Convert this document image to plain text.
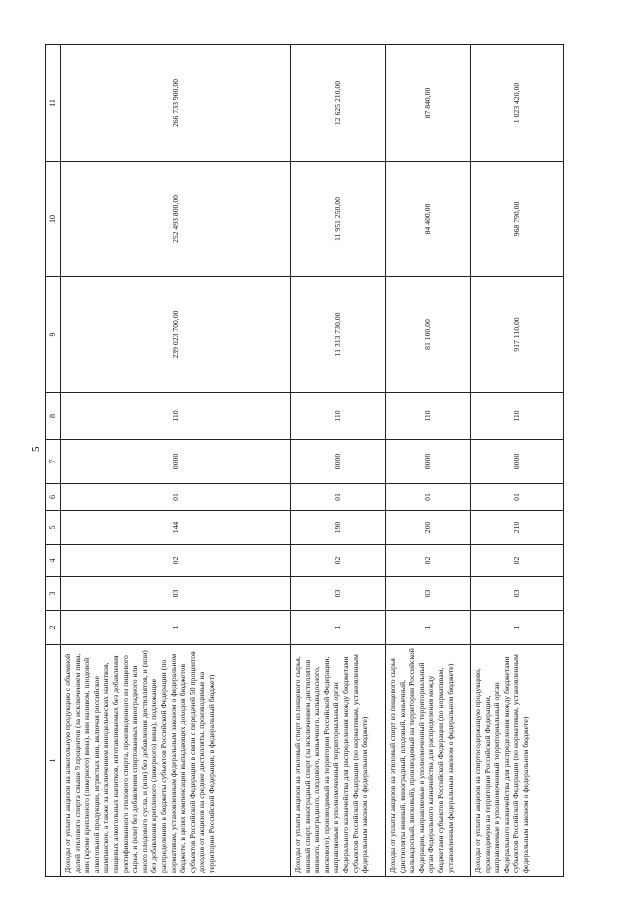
5
1	2	3	4	5	6	7	8	9	10	11
Доходы от уплаты акцизов на алкогольную продукцию с объемной долей этилового спирта свыше 9 процентов (за исключением пива, вин (кроме крепленого (ликерного) вина), вин наливом, плодовой алкогольной продукции, игристых вин, включая российское шампанское, а также за исключением винодельческих напитков, пищевых алкогольных напитков, изготавливаемых без добавления ректификованного этилового спирта, произведенного из пищевого сырья, и (или) без добавления спиртованных виноградного или иного плодового сусла, и (или) без добавления дистиллятов, и (или) без добавления крепленого (ликерного) вина), подлежащие распределению в бюджеты субъектов Российской Федерации (по нормативам, установленным федеральным законом о федеральном бюджете, в целях компенсации выпадающих доходов бюджетов субъектов Российской Федерации в связи с передачей 50 процентов доходов от акцизов на среднее дистилляты, производимые на территории Российской Федерации, в федеральный бюджет)	1	03	02	144	01	0000	110	239 023 700,00	252 493 800,00	266 733 900,00
Доходы от уплаты акцизов на этиловый спирт из пищевого сырья, винный спирт, виноградный спирт (за исключением дистиллятов винного, виноградного, плодового, коньячного, кальвадосного, вискового), производимый на территории Российской Федерации, направляемые в уполномоченный территориальный орган Федерального казначейства для распределения между бюджетами субъектов Российской Федерации (по нормативам, установленным федеральным законом о федеральном бюджете)	1	03	02	190	01	0000	110	11 313 730,00	11 951 250,00	12 625 210,00
Доходы от уплаты акцизов на этиловый спирт из пищевого сырья (дистилляты винный, виноградный, плодовый, коньячный, кальвадосный, висковый), производимый на территории Российской Федерации, направляемые в уполномоченный территориальный орган Федерального казначейства для распределения между бюджетами субъектов Российской Федерации (по нормативам, установленным федеральным законом о федеральном бюджете)	1	03	02	200	01	0000	110	81 100,00	84 400,00	87 840,00
Доходы от уплаты акцизов на спиртосодержащую продукцию, производимую на территории Российской Федерации, направляемые в уполномоченный территориальный орган Федерального казначейства для распределения между бюджетами субъектов Российской Федерации (по нормативам, установленным федеральным законом о федеральном бюджете)	1	03	02	210	01	0000	110	917 110,00	968 790,00	1 023 420,00
